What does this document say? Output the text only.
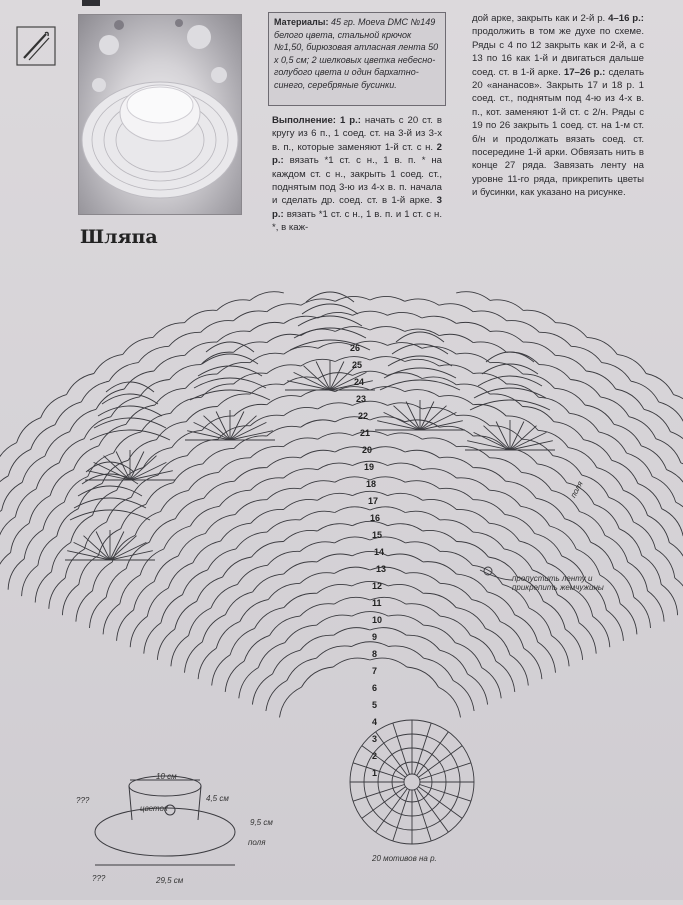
Шляпа
Материалы: 45 гр. Мoeva DMC №149 белого цвета, стальной крючок №1,50, бирюзовая атласная лента 50 х 0,5 см; 2 шелковых цветка небесно-голубого цвета и один бархатно-синего, серебряные бусинки.

Выполнение: 1 р.: начать с 20 ст. в кругу из 6 п., 1 соед. ст. на 3-й из 3-х в. п., которые заменяют 1-й ст. с н. 2 р.: вязать *1 ст. с н., 1 в. п. * на каждом ст. с н., закрыть 1 соед. ст., поднятым под 3-ю из 4-х в. п. начала и сделать др. соед. ст. в 1-й арке. 3 р.: вязать *1 ст. с н., 1 в. п. и 1 ст. с н. *, в каж-

дой арке, закрыть как и 2-й р. 4–16 р.: продолжить в том же духе по схеме. Ряды с 4 по 12 закрыть как и 2-й, а с 13 по 16 как 1-й и двигаться дальше соед. ст. в 1-й арке. 17–26 р.: сделать 20 «ананасов». Закрыть 17 и 18 р. 1 соед. ст., поднятым под 4-ю из 4-х в. п., кот. заменяют 1-й ст. с 2/н. Ряды с 19 по 26 закрыть 1 соед. ст. на 1-м ст. б/н и продолжать вязать соед. ст. посередине 1-й арки. Обвязать нить в конце 27 ряда. Завязать ленту на уровне 11-го ряда, прикрепить цветы и бусинки, как указано на рисунке.

пропустить ленту и
прикрепить жемчужины
поля
20 мотивов на р.
10 см
4,5 см
цветок
9,5 см
поля
29,5 см
???
???
1
2
3
4
5
6
7
8
9
10
11
12
13
14
15
16
17
18
19
20
21
22
23
24
25
26
